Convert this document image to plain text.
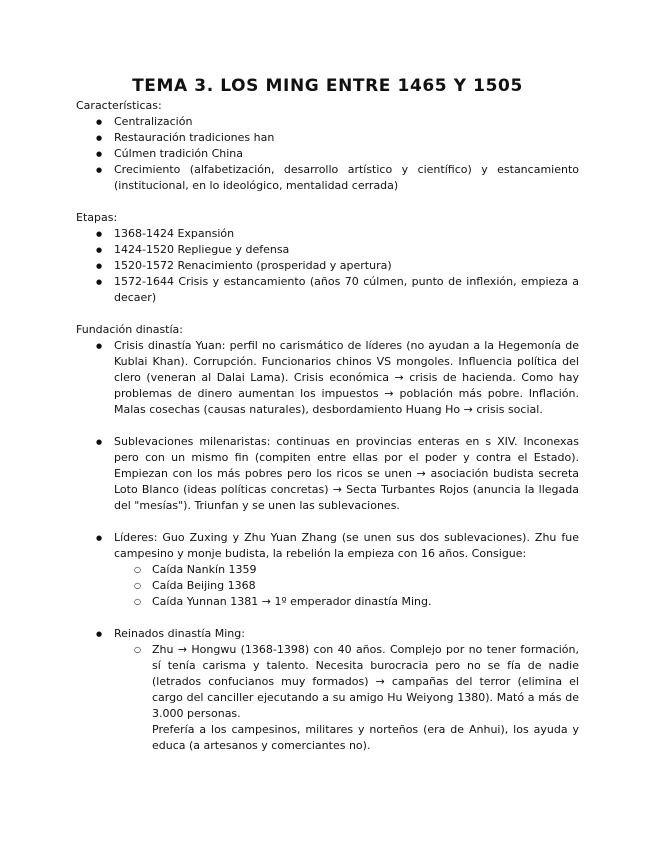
TEMA 3. LOS MING ENTRE 1465 Y 1505

Características:

● Centralización
● Restauración tradiciones han
● Cúlmen tradición China
● Crecimiento (alfabetización, desarrollo artístico y científico) y estancamiento (institucional, en lo ideológico, mentalidad cerrada)

Etapas:

● 1368-1424 Expansión
● 1424-1520 Repliegue y defensa
● 1520-1572 Renacimiento (prosperidad y apertura)
● 1572-1644 Crisis y estancamiento (años 70 cúlmen, punto de inflexión, empieza a decaer)

Fundación dinastía:

● Crisis dinastía Yuan: perfil no carismático de líderes (no ayudan a la Hegemonía de Kublai Khan). Corrupción. Funcionarios chinos VS mongoles. Influencia política del clero (veneran al Dalai Lama). Crisis económica → crisis de hacienda. Como hay problemas de dinero aumentan los impuestos → población más pobre. Inflación. Malas cosechas (causas naturales), desbordamiento Huang Ho → crisis social.
● Sublevaciones milenaristas: continuas en provincias enteras en s XIV. Inconexas pero con un mismo fin (compiten entre ellas por el poder y contra el Estado). Empiezan con los más pobres pero los ricos se unen → asociación budista secreta Loto Blanco (ideas políticas concretas) → Secta Turbantes Rojos (anuncia la llegada del "mesías"). Triunfan y se unen las sublevaciones.
● Líderes: Guo Zuxing y Zhu Yuan Zhang (se unen sus dos sublevaciones). Zhu fue campesino y monje budista, la rebelión la empieza con 16 años. Consigue:
○ Caída Nankín 1359
○ Caída Beijing 1368
○ Caída Yunnan 1381 → 1º emperador dinastía Ming.
● Reinados dinastía Ming:
○ Zhu → Hongwu (1368-1398) con 40 años. Complejo por no tener formación, sí tenía carisma y talento. Necesita burocracia pero no se fía de nadie (letrados confucianos muy formados) → campañas del terror (elimina el cargo del canciller ejecutando a su amigo Hu Weiyong 1380). Mató a más de 3.000 personas.
Prefería a los campesinos, militares y norteños (era de Anhui), los ayuda y educa (a artesanos y comerciantes no).
